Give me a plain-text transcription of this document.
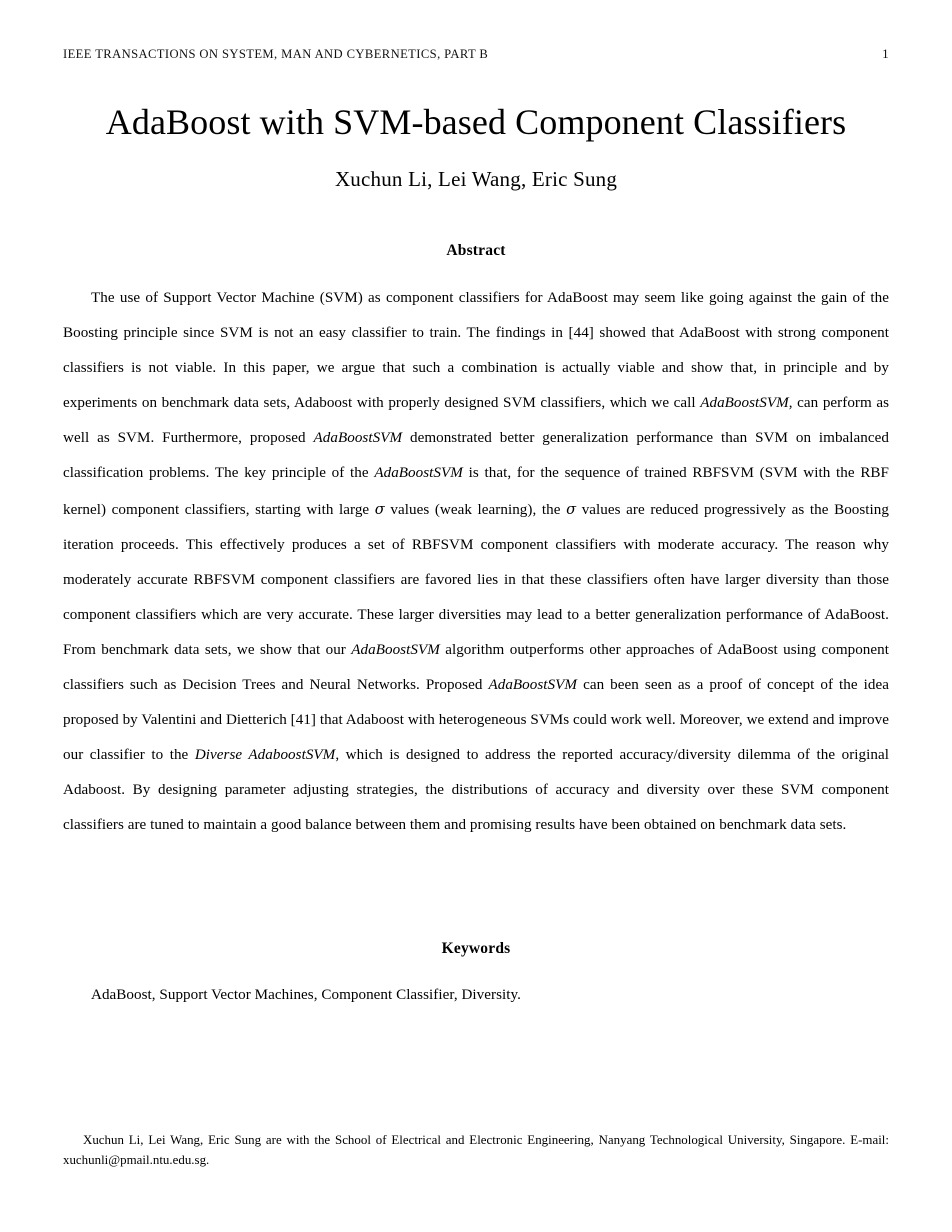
IEEE TRANSACTIONS ON SYSTEM, MAN AND CYBERNETICS, PART B	1
AdaBoost with SVM-based Component Classifiers
Xuchun Li, Lei Wang, Eric Sung
Abstract
The use of Support Vector Machine (SVM) as component classifiers for AdaBoost may seem like going against the gain of the Boosting principle since SVM is not an easy classifier to train. The findings in [44] showed that AdaBoost with strong component classifiers is not viable. In this paper, we argue that such a combination is actually viable and show that, in principle and by experiments on benchmark data sets, Adaboost with properly designed SVM classifiers, which we call AdaBoostSVM, can perform as well as SVM. Furthermore, proposed AdaBoostSVM demonstrated better generalization performance than SVM on imbalanced classification problems. The key principle of the AdaBoostSVM is that, for the sequence of trained RBFSVM (SVM with the RBF kernel) component classifiers, starting with large σ values (weak learning), the σ values are reduced progressively as the Boosting iteration proceeds. This effectively produces a set of RBFSVM component classifiers with moderate accuracy. The reason why moderately accurate RBFSVM component classifiers are favored lies in that these classifiers often have larger diversity than those component classifiers which are very accurate. These larger diversities may lead to a better generalization performance of AdaBoost. From benchmark data sets, we show that our AdaBoostSVM algorithm outperforms other approaches of AdaBoost using component classifiers such as Decision Trees and Neural Networks. Proposed AdaBoostSVM can been seen as a proof of concept of the idea proposed by Valentini and Dietterich [41] that Adaboost with heterogeneous SVMs could work well. Moreover, we extend and improve our classifier to the Diverse AdaboostSVM, which is designed to address the reported accuracy/diversity dilemma of the original Adaboost. By designing parameter adjusting strategies, the distributions of accuracy and diversity over these SVM component classifiers are tuned to maintain a good balance between them and promising results have been obtained on benchmark data sets.
Keywords
AdaBoost, Support Vector Machines, Component Classifier, Diversity.
Xuchun Li, Lei Wang, Eric Sung are with the School of Electrical and Electronic Engineering, Nanyang Technological University, Singapore. E-mail: xuchunli@pmail.ntu.edu.sg.
